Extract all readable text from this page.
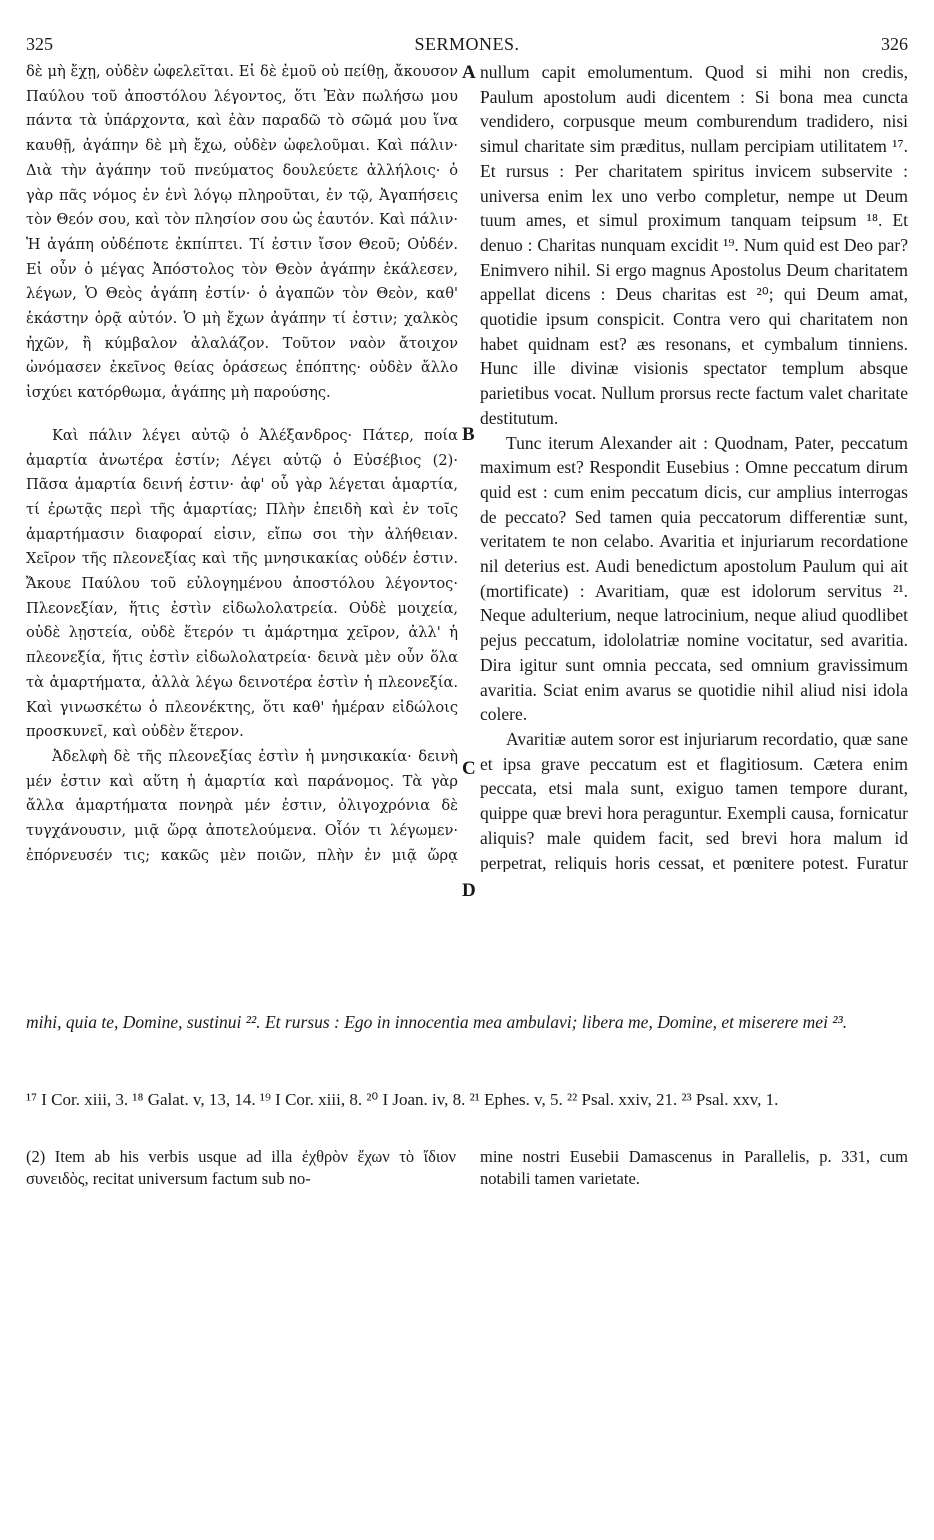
325	SERMONES.	326

δὲ μὴ ἔχῃ, οὐδὲν ὠφελεῖται. Εἰ δὲ ἐμοῦ οὐ πείθῃ, ἄκουσον Παύλου τοῦ ἀποστόλου λέγοντος, ὅτι Ἐὰν πωλήσω μου πάντα τὰ ὑπάρχοντα, καὶ ἐὰν παραδῶ τὸ σῶμά μου ἵνα καυθῇ, ἀγάπην δὲ μὴ ἔχω, οὐδὲν ὠφελοῦμαι. Καὶ πάλιν· Διὰ τὴν ἀγάπην τοῦ πνεύματος δουλεύετε ἀλλήλοις· ὁ γὰρ πᾶς νόμος ἐν ἑνὶ λόγῳ πληροῦται, ἐν τῷ, Ἀγαπήσεις τὸν Θεόν σου, καὶ τὸν πλησίον σου ὡς ἑαυτόν. Καὶ πάλιν· Ἡ ἀγάπη οὐδέποτε ἐκπίπτει. Τί ἐστιν ἴσον Θεοῦ; Οὐδέν. Εἰ οὖν ὁ μέγας Ἀπόστολος τὸν Θεὸν ἀγάπην ἐκάλεσεν, λέγων, Ὁ Θεὸς ἀγάπη ἐστίν· ὁ ἀγαπῶν τὸν Θεὸν, καθ' ἑκάστην ὁρᾷ αὐτόν. Ὁ μὴ ἔχων ἀγάπην τί ἐστιν; χαλκὸς ἠχῶν, ἢ κύμβαλον ἀλαλάζον. Τοῦτον ναὸν ἄτοιχον ὠνόμασεν ἐκεῖνος θείας ὁράσεως ἐπόπτης· οὐδὲν ἄλλο ἰσχύει κατόρθωμα, ἀγάπης μὴ παρούσης.

Καὶ πάλιν λέγει αὐτῷ ὁ Ἀλέξανδρος· Πάτερ, ποία ἁμαρτία ἀνωτέρα ἐστίν; Λέγει αὐτῷ ὁ Εὐσέβιος (2)· Πᾶσα ἁμαρτία δεινή ἐστιν· ἀφ' οὗ γὰρ λέγεται ἁμαρτία, τί ἐρωτᾷς περὶ τῆς ἁμαρτίας; Πλὴν ἐπειδὴ καὶ ἐν τοῖς ἁμαρτήμασιν διαφοραί εἰσιν, εἴπω σοι τὴν ἀλήθειαν. Χεῖρον τῆς πλεονεξίας καὶ τῆς μνησικακίας οὐδέν ἐστιν. Ἄκουε Παύλου τοῦ εὐλογημένου ἀποστόλου λέγοντος· Πλεονεξίαν, ἥτις ἐστὶν εἰδωλολατρεία. Οὐδὲ μοιχεία, οὐδὲ λῃστεία, οὐδὲ ἕτερόν τι ἁμάρτημα χεῖρον, ἀλλ' ἡ πλεονεξία, ἥτις ἐστὶν εἰδωλολατρεία· δεινὰ μὲν οὖν ὅλα τὰ ἁμαρτήματα, ἀλλὰ λέγω δεινοτέρα ἐστὶν ἡ πλεονεξία. Καὶ γινωσκέτω ὁ πλεονέκτης, ὅτι καθ' ἡμέραν εἰδώλοις προσκυνεῖ, καὶ οὐδὲν ἕτερον.

Ἀδελφὴ δὲ τῆς πλεονεξίας ἐστὶν ἡ μνησικακία· δεινὴ μέν ἐστιν καὶ αὕτη ἡ ἁμαρτία καὶ παράνομος. Τὰ γὰρ ἄλλα ἁμαρτήματα πονηρὰ μέν ἐστιν, ὀλιγοχρόνια δὲ τυγχάνουσιν, μιᾷ ὥρᾳ ἀποτελούμενα. Οἷόν τι λέγωμεν· ἐπόρνευσέν τις; κακῶς μὲν ποιῶν, πλὴν ἐν μιᾷ ὥρᾳ

A
B
C

nullum capit emolumentum. Quod si mihi non credis, Paulum apostolum audi dicentem : Si bona mea cuncta vendidero, corpusque meum comburendum tradidero, nisi simul charitate sim præditus, nullam percipiam utilitatem ¹⁷. Et rursus : Per charitatem spiritus invicem subservite : universa enim lex uno verbo completur, nempe ut Deum tuum ames, et simul proximum tanquam teipsum ¹⁸. Et denuo : Charitas nunquam excidit ¹⁹. Num quid est Deo par? Enimvero nihil. Si ergo magnus Apostolus Deum charitatem appellat dicens : Deus charitas est ²⁰; qui Deum amat, quotidie ipsum conspicit. Contra vero qui charitatem non habet quidnam est? æs resonans, et cymbalum tinniens. Hunc ille divinæ visionis spectator templum absque parietibus vocat. Nullum prorsus recte factum valet charitate destitutum.

Tunc iterum Alexander ait : Quodnam, Pater, peccatum maximum est? Respondit Eusebius : Omne peccatum dirum quid est : cum enim peccatum dicis, cur amplius interrogas de peccato? Sed tamen quia peccatorum differentiæ sunt, veritatem te non celabo. Avaritia et injuriarum recordatione nil deterius est. Audi benedictum apostolum Paulum qui ait (mortificate) : Avaritiam, quæ est idolorum servitus ²¹. Neque adulterium, neque latrocinium, neque aliud quodlibet pejus peccatum, idololatriæ nomine vocitatur, sed avaritia. Dira igitur sunt omnia peccata, sed omnium gravissimum avaritia. Sciat enim avarus se quotidie nihil aliud nisi idola colere.

Avaritiæ autem soror est injuriarum recordatio, quæ sane et ipsa grave peccatum est et flagitiosum. Cætera enim peccata, etsi mala sunt, exiguo tamen tempore durant, quippe quæ brevi hora peraguntur. Exempli causa, fornicatur aliquis? male quidem facit, sed brevi hora malum id perpetrat, reliquis horis cessat, et pœnitere potest. Furatur

D

mihi, quia te, Domine, sustinui ²². Et rursus : Ego in innocentia mea ambulavi; libera me, Domine, et miserere mei ²³.

¹⁷ I Cor. xiii, 3. ¹⁸ Galat. v, 13, 14. ¹⁹ I Cor. xiii, 8. ²⁰ I Joan. iv, 8. ²¹ Ephes. v, 5. ²² Psal. xxiv, 21. ²³ Psal. xxv, 1.

(2) Item ab his verbis usque ad illa ἐχθρὸν ἔχων τὸ ἴδιον συνειδὸς, recitat universum factum sub no-

mine nostri Eusebii Damascenus in Parallelis, p. 331, cum notabili tamen varietate.
